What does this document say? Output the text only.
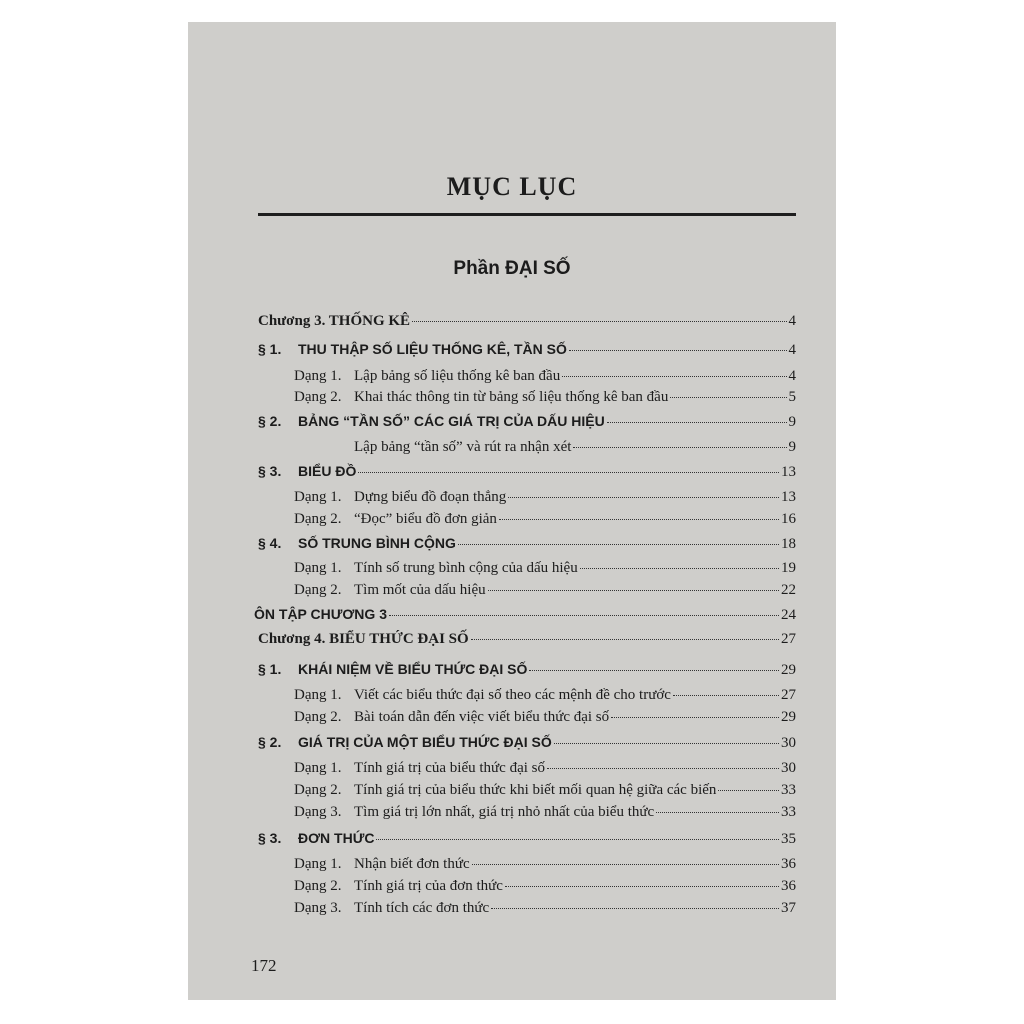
MỤC LỤC
Phần ĐẠI SỐ
Chương 3. THỐNG KÊ	4
§ 1. THU THẬP SỐ LIỆU THỐNG KÊ, TẦN SỐ	4
Dạng 1. Lập bảng số liệu thống kê ban đầu	4
Dạng 2. Khai thác thông tin từ bảng số liệu thống kê ban đầu	5
§ 2. BẢNG “TẦN SỐ” CÁC GIÁ TRỊ CỦA DẤU HIỆU	9
Lập bảng “tần số” và rút ra nhận xét	9
§ 3. BIỂU ĐỒ	13
Dạng 1. Dựng biểu đồ đoạn thẳng	13
Dạng 2. “Đọc” biểu đồ đơn giản	16
§ 4. SỐ TRUNG BÌNH CỘNG	18
Dạng 1. Tính số trung bình cộng của dấu hiệu	19
Dạng 2. Tìm mốt của dấu hiệu	22
ÔN TẬP CHƯƠNG 3	24
Chương 4. BIỂU THỨC ĐẠI SỐ	27
§ 1. KHÁI NIỆM VỀ BIỂU THỨC ĐẠI SỐ	29
Dạng 1. Viết các biểu thức đại số theo các mệnh đề cho trước	27
Dạng 2. Bài toán dẫn đến việc viết biểu thức đại số	29
§ 2. GIÁ TRỊ CỦA MỘT BIỂU THỨC ĐẠI SỐ	30
Dạng 1. Tính giá trị của biểu thức đại số	30
Dạng 2. Tính giá trị của biểu thức khi biết mối quan hệ giữa các biến	33
Dạng 3. Tìm giá trị lớn nhất, giá trị nhỏ nhất của biểu thức	33
§ 3. ĐƠN THỨC	35
Dạng 1. Nhận biết đơn thức	36
Dạng 2. Tính giá trị của đơn thức	36
Dạng 3. Tính tích các đơn thức	37
172
